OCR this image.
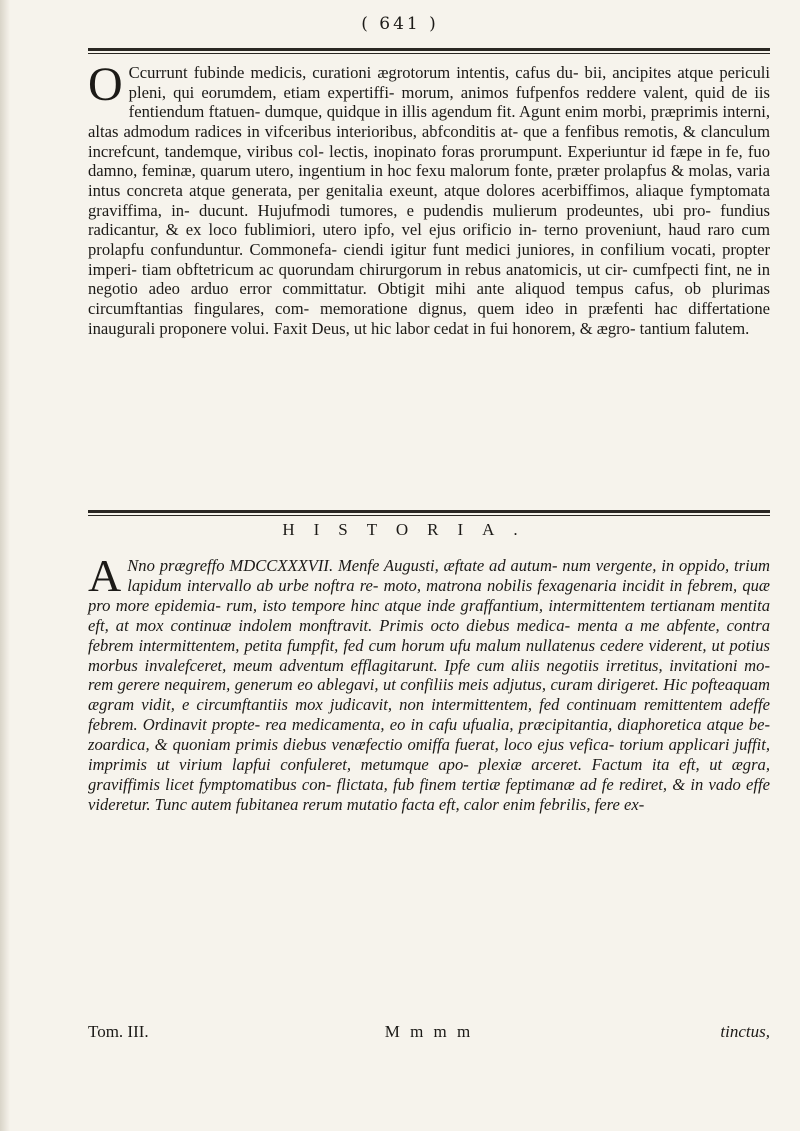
( 641 )

O Ccurrunt fubinde medicis, curationi ægrotorum intentis, cafus du- bii, ancipites atque periculi pleni, qui eorumdem, etiam expertiffi- morum, animos fufpenfos reddere valent, quid de iis fentiendum ftatuen- dumque, quidque in illis agendum fit. Agunt enim morbi, præprimis interni, altas admodum radices in vifceribus interioribus, abfconditis at- que a fenfibus remotis, & clanculum increfcunt, tandemque, viribus col- lectis, inopinato foras prorumpunt. Experiuntur id fæpe in fe, fuo damno, feminæ, quarum utero, ingentium in hoc fexu malorum fonte, præter prolapfus & molas, varia intus concreta atque generata, per genitalia exeunt, atque dolores acerbiffimos, aliaque fymptomata graviffima, in- ducunt. Hujufmodi tumores, e pudendis mulierum prodeuntes, ubi pro- fundius radicantur, & ex loco fublimiori, utero ipfo, vel ejus orificio in- terno proveniunt, haud raro cum prolapfu confunduntur. Commonefa- ciendi igitur funt medici juniores, in confilium vocati, propter imperi- tiam obftetricum ac quorundam chirurgorum in rebus anatomicis, ut cir- cumfpecti fint, ne in negotio adeo arduo error committatur. Obtigit mihi ante aliquod tempus cafus, ob plurimas circumftantias fingulares, com- memoratione dignus, quem ideo in præfenti hac differtatione inaugurali proponere volui. Faxit Deus, ut hic labor cedat in fui honorem, & ægro- tantium falutem.

HISTORIA.

A Nno prægreffo MDCCXXXVII. Menfe Augusti, æftate ad autum- num vergente, in oppido, trium lapidum intervallo ab urbe noftra re- moto, matrona nobilis fexagenaria incidit in febrem, quæ pro more epidemia- rum, isto tempore hinc atque inde graffantium, intermittentem tertianam mentita eft, at mox continuæ indolem monftravit. Primis octo diebus medica- menta a me abfente, contra febrem intermittentem, petita fumpfit, fed cum horum ufu malum nullatenus cedere viderent, ut potius morbus invalefceret, meum adventum efflagitarunt. Ipfe cum aliis negotiis irretitus, invitationi mo- rem gerere nequirem, generum eo ablegavi, ut confiliis meis adjutus, curam dirigeret. Hic pofteaquam ægram vidit, e circumftantiis mox judicavit, non intermittentem, fed continuam remittentem adeffe febrem. Ordinavit propte- rea medicamenta, eo in cafu ufualia, præcipitantia, diaphoretica atque be- zoardica, & quoniam primis diebus venæfectio omiffa fuerat, loco ejus vefica- torium applicari juffit, imprimis ut virium lapfui confuleret, metumque apo- plexiæ arceret. Factum ita eft, ut ægra, graviffimis licet fymptomatibus con- flictata, fub finem tertiæ feptimanæ ad fe rediret, & in vado effe videretur. Tunc autem fubitanea rerum mutatio facta eft, calor enim febrilis, fere ex-

Tom. III.	M m m m	tinctus,
